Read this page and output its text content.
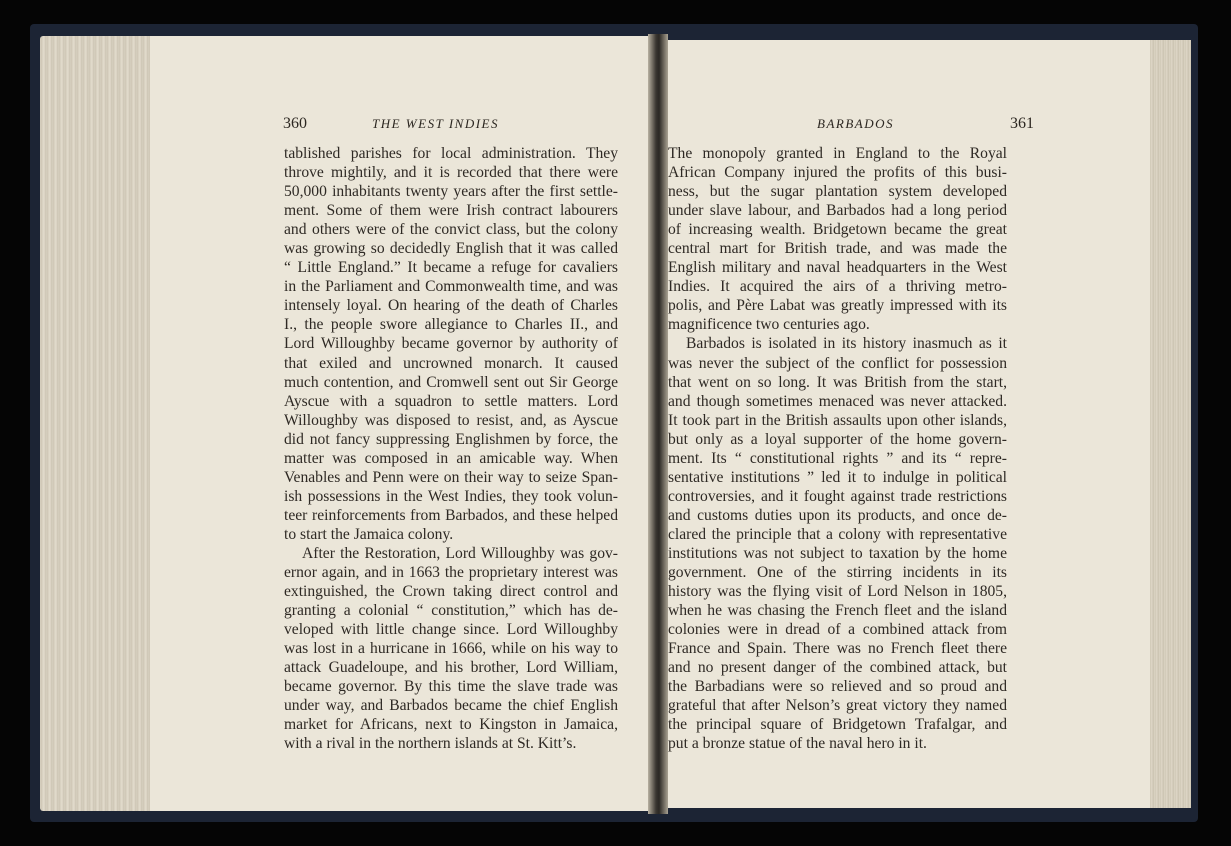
360	THE WEST INDIES	BARBADOS	361

tablished parishes for local administration. They
throve mightily, and it is recorded that there were
50,000 inhabitants twenty years after the first settle-
ment. Some of them were Irish contract labourers
and others were of the convict class, but the colony
was growing so decidedly English that it was called
“ Little England.” It became a refuge for cavaliers
in the Parliament and Commonwealth time, and was
intensely loyal. On hearing of the death of Charles
I., the people swore allegiance to Charles II., and
Lord Willoughby became governor by authority of
that exiled and uncrowned monarch. It caused
much contention, and Cromwell sent out Sir George
Ayscue with a squadron to settle matters. Lord
Willoughby was disposed to resist, and, as Ayscue
did not fancy suppressing Englishmen by force, the
matter was composed in an amicable way. When
Venables and Penn were on their way to seize Span-
ish possessions in the West Indies, they took volun-
teer reinforcements from Barbados, and these helped
to start the Jamaica colony.

After the Restoration, Lord Willoughby was gov-
ernor again, and in 1663 the proprietary interest was
extinguished, the Crown taking direct control and
granting a colonial “ constitution,” which has de-
veloped with little change since. Lord Willoughby
was lost in a hurricane in 1666, while on his way to
attack Guadeloupe, and his brother, Lord William,
became governor. By this time the slave trade was
under way, and Barbados became the chief English
market for Africans, next to Kingston in Jamaica,
with a rival in the northern islands at St. Kitt’s.

The monopoly granted in England to the Royal
African Company injured the profits of this busi-
ness, but the sugar plantation system developed
under slave labour, and Barbados had a long period
of increasing wealth. Bridgetown became the great
central mart for British trade, and was made the
English military and naval headquarters in the West
Indies. It acquired the airs of a thriving metro-
polis, and Père Labat was greatly impressed with its
magnificence two centuries ago.

Barbados is isolated in its history inasmuch as it
was never the subject of the conflict for possession
that went on so long. It was British from the start,
and though sometimes menaced was never attacked.
It took part in the British assaults upon other islands,
but only as a loyal supporter of the home govern-
ment. Its “ constitutional rights ” and its “ repre-
sentative institutions ” led it to indulge in political
controversies, and it fought against trade restrictions
and customs duties upon its products, and once de-
clared the principle that a colony with representative
institutions was not subject to taxation by the home
government. One of the stirring incidents in its
history was the flying visit of Lord Nelson in 1805,
when he was chasing the French fleet and the island
colonies were in dread of a combined attack from
France and Spain. There was no French fleet there
and no present danger of the combined attack, but
the Barbadians were so relieved and so proud and
grateful that after Nelson’s great victory they named
the principal square of Bridgetown Trafalgar, and
put a bronze statue of the naval hero in it.
